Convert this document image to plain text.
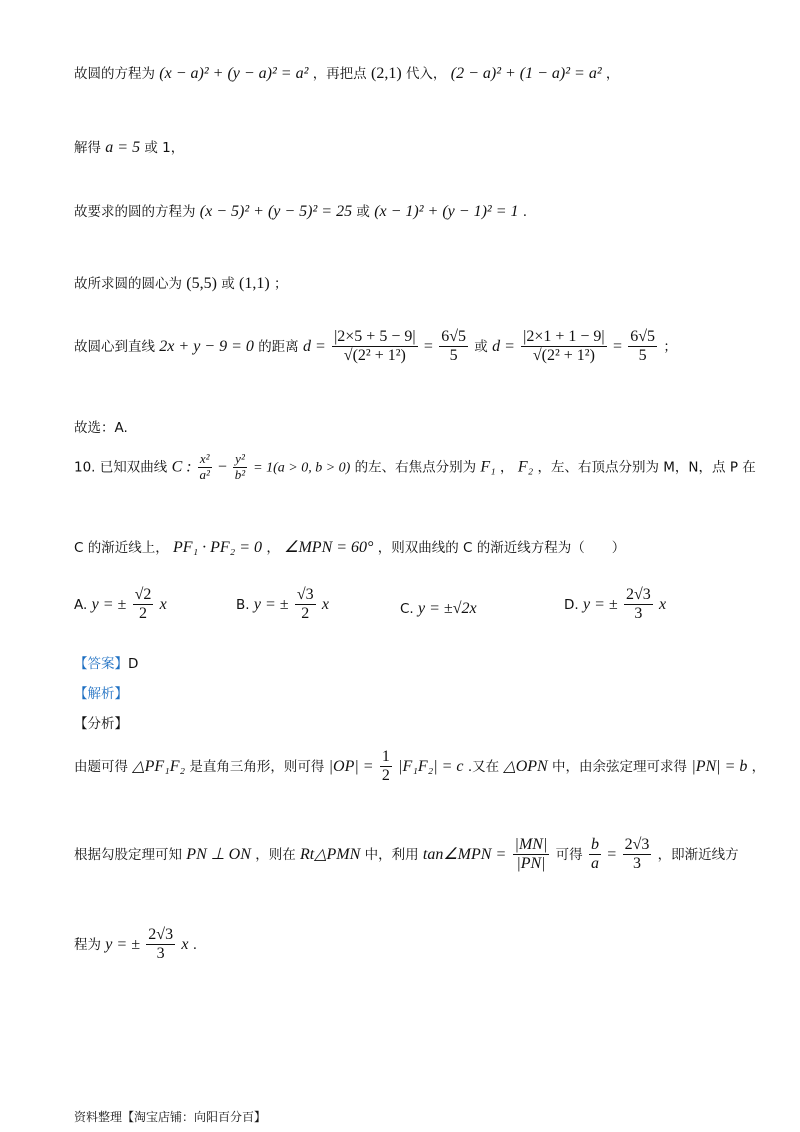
故圆的方程为 (x − a)² + (y − a)² = a² ，再把点 (2,1) 代入， (2 − a)² + (1 − a)² = a² ，
解得 a = 5 或 1，
故要求的圆的方程为 (x − 5)² + (y − 5)² = 25 或 (x − 1)² + (y − 1)² = 1 .
故所求圆的圆心为 (5,5) 或 (1,1) ；
故圆心到直线 2x + y − 9 = 0 的距离 $d = \frac{|2\times 5 + 5 - 9|}{\text{√(2² + 1²)}} = \frac{6√5}{5}$ 或 $d = \frac{|2\times 1 + 1 - 9|}{\text{√(2² + 1²)}} = \frac{6√5}{5}$ ；
故选：A.
10. 已知双曲线 C : $\frac{\text{x²}}{\text{a²}} - \frac{\text{y²}}{\text{b²}} = 1(a > 0$, b > 0) 的左、右焦点分别为 F₁ ， F₂ ，左、右顶点分别为 M，N，点 P 在
C 的渐近线上， PF₁ · PF₂ = 0 ， ∠MPN = 60° ，则双曲线的 C 的渐近线方程为（　　）
A. y = ± $\frac{√2}{2}$ x	B. y = ± $\frac{√3}{2}$ x	C. y = ±√2x	D. y = ± $\frac{2√3}{3}$ x
【答案】D
【解析】
【分析】
由题可得 △PF₁F₂ 是直角三角形，则可得 $|OP| = \frac{1}{2} |F_1F_2| = c$ .又在 △OPN 中，由余弦定理可求得 |PN| = b ，
根据勾股定理可知 PN ⊥ ON ，则在 Rt△PMN 中，利用 tan∠MPN = $\frac{|MN|}{|PN|}$ 可得 $\frac{b}{a} = \frac{2√3}{3}$ ，即渐近线方
程为 y = ± $\frac{2√3}{3}$ x .
资料整理【淘宝店铺：向阳百分百】
